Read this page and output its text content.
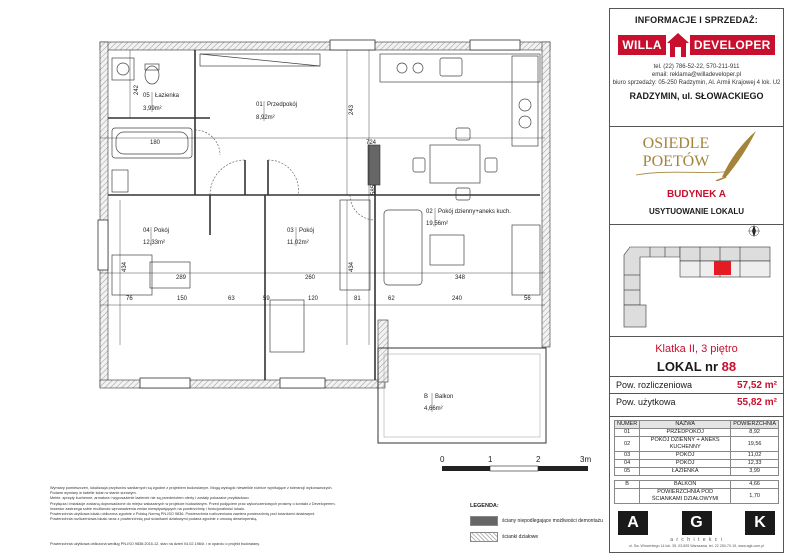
180	724
289	260	348
76	150	63	59	120	81	62	240	56
242
243
585
434	434
05 Łazienka
3,99m²
01 Przedpokój
8,92m²
04 Pokój
12,33m²
03 Pokój
11,02m²
02 Pokój dzienny+aneks kuch.
19,56m²
B Balkon
4,66m²
0	1	2	3m

Wymiary pomieszczeń, lokalizacja przyborów sanitarnych są zgodne z projektem budowlanym. Mogą wystąpić niewielkie różnice wynikające z tolerancji wykonawczych.

Podane wymiary w świetle ścian w stanie surowym.

Meble, sprzęty kuchenne, armatura i wyposażenie łazienek nie są przedmiotem oferty i zostały pokazane przykładowo.

Przyłącza i instalacje zostaną doprowadzone do miejsc wskazanych w projekcie budowlanym. Przed podjęciem prac wykończeniowych prosimy o kontakt z Developerem.

Inwestor zastrzega sobie możliwość wprowadzenia zmian niewpływających na powierzchnię i funkcjonalność lokalu.

Powierzchnia użytkowa lokalu obliczona zgodnie z Polską Normą PN-ISO 9836. Powierzchnia rozliczeniowa zawiera powierzchnię pod ściankami działowymi.

Powierzchnia rozliczeniowa lokalu wraz z powierzchnią pod ściankami działowymi podana zgodnie z umową deweloperską.

Powierzchnia użytkowa obliczona według PN-ISO 9836:2015-12, stan na dzień 04.02.1984r. i w oparciu o projekt budowlany.
LEGENDA:
ściany niepodlegające możliwości demontażu
ścianki działowe
INFORMACJE I SPRZEDAŻ:
WILLA	DEVELOPER
tel. (22) 786-52-22, 570-211-911
email: reklama@willadeveloper.pl
biuro sprzedaży: 05-250 Radzymin, Al. Armii Krajowej 4 lok. U2
RADZYMIN, ul. SŁOWACKIEGO
OSIEDLE
POETÓW
BUDYNEK A
USYTUOWANIE LOKALU
Klatka II, 3 piętro
LOKAL nr 88
Pow. rozliczeniowa	57,52 m²
Pow. użytkowa	55,82 m²
NUMER	NAZWA	POWIERZCHNIA
01	PRZEDPOKÓJ	8,92
02	POKÓJ DZIENNY + ANEKS KUCHENNY	19,56
03	POKÓJ	11,02
04	POKÓJ	12,33
05	ŁAZIENKA	3,99

B	BALKON	4,66
	POWIERZCHNIA POD ŚCIANKAMI DZIAŁOWYMI	1,70
A	G	K
a r c h i t e k c i
ul. Św. Wincentego 14 lok. 35, 03-505 Warszawa, tel. 22 250-70-15, www.agk.com.pl
